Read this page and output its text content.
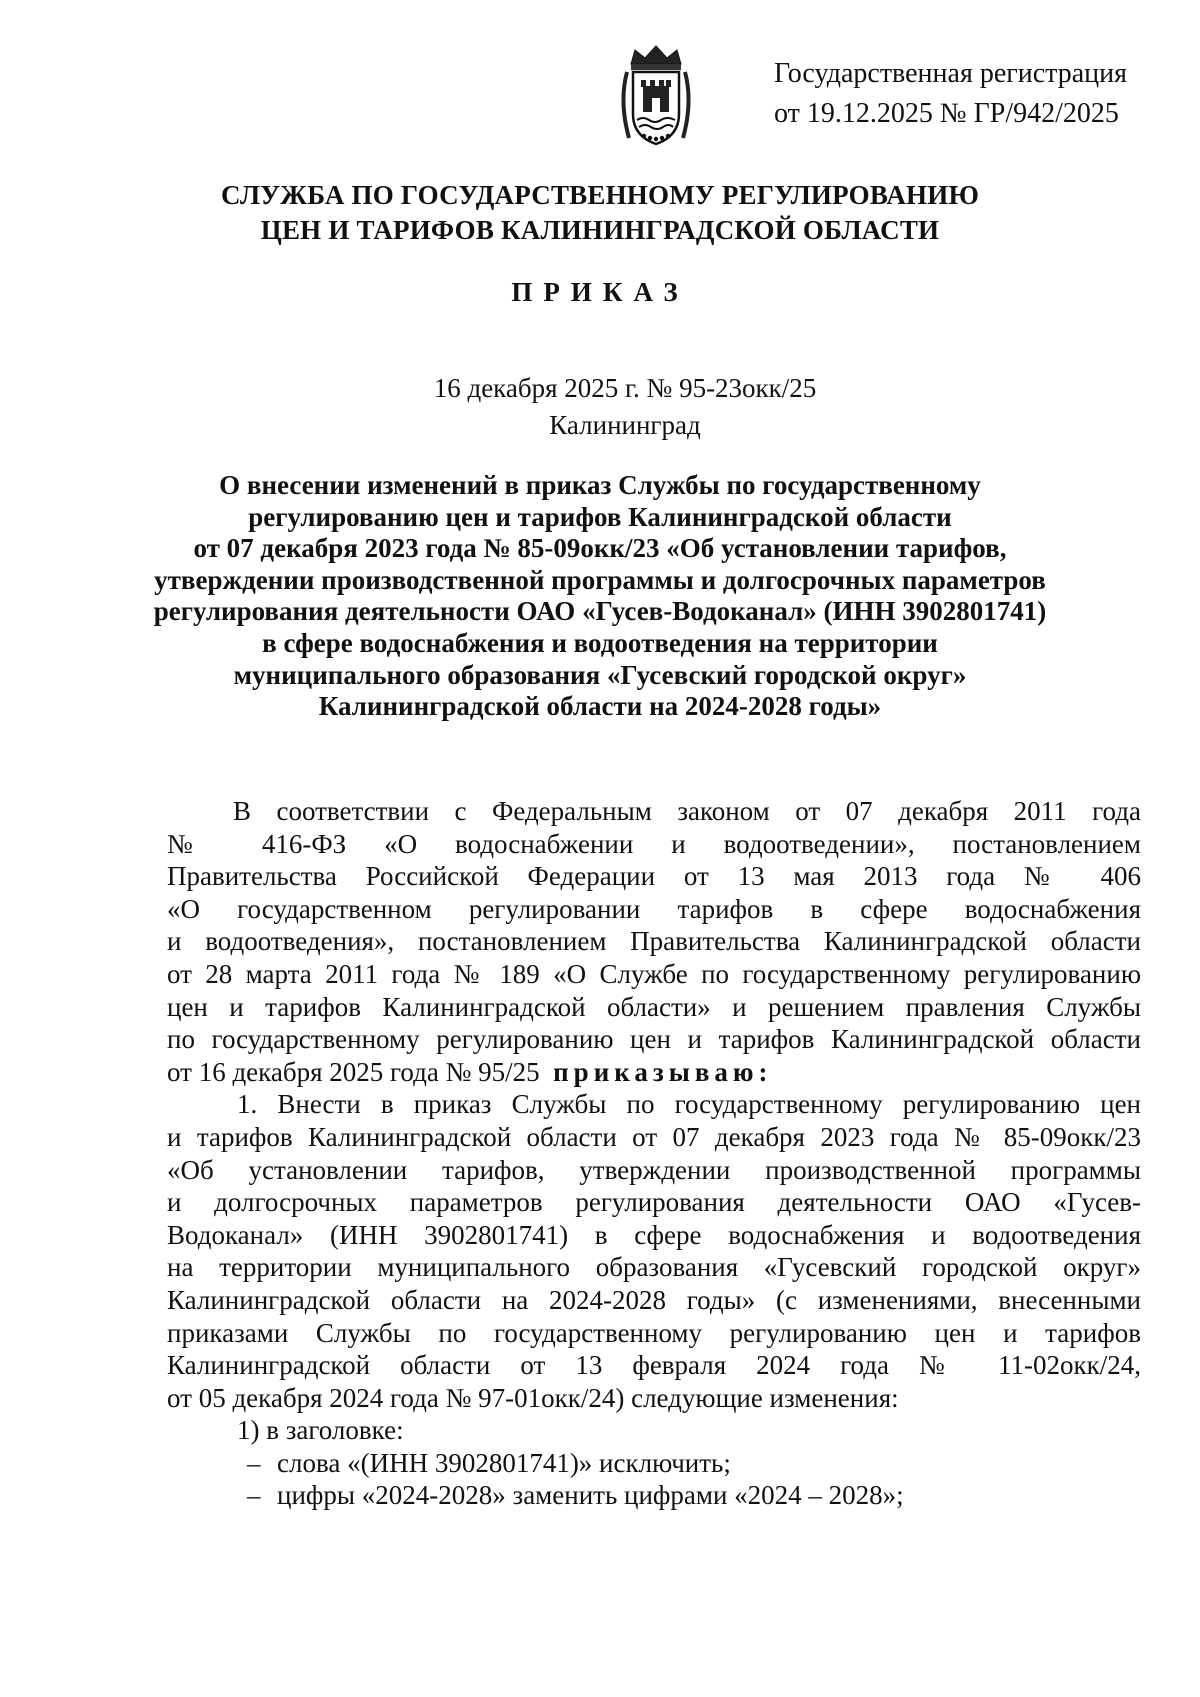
Государственная регистрация
от 19.12.2025 № ГР/942/2025
СЛУЖБА ПО ГОСУДАРСТВЕННОМУ РЕГУЛИРОВАНИЮ
ЦЕН И ТАРИФОВ КАЛИНИНГРАДСКОЙ ОБЛАСТИ
ПРИКАЗ
16 декабря 2025 г. № 95-23окк/25
Калининград
О внесении изменений в приказ Службы по государственному
регулированию цен и тарифов Калининградской области
от 07 декабря 2023 года № 85-09окк/23 «Об установлении тарифов,
утверждении производственной программы и долгосрочных параметров
регулирования деятельности ОАО «Гусев-Водоканал» (ИНН 3902801741)
в сфере водоснабжения и водоотведения на территории
муниципального образования «Гусевский городской округ»
Калининградской области на 2024-2028 годы»
В соответствии с Федеральным законом от 07 декабря 2011 года
№ 416-ФЗ «О водоснабжении и водоотведении», постановлением
Правительства Российской Федерации от 13 мая 2013 года № 406
«О государственном регулировании тарифов в сфере водоснабжения
и водоотведения», постановлением Правительства Калининградской области
от 28 марта 2011 года № 189 «О Службе по государственному регулированию
цен и тарифов Калининградской области» и решением правления Службы
по государственному регулированию цен и тарифов Калининградской области
от 16 декабря 2025 года № 95/25 приказываю:
1. Внести в приказ Службы по государственному регулированию цен
и тарифов Калининградской области от 07 декабря 2023 года № 85-09окк/23
«Об установлении тарифов, утверждении производственной программы
и долгосрочных параметров регулирования деятельности ОАО «Гусев-
Водоканал» (ИНН 3902801741) в сфере водоснабжения и водоотведения
на территории муниципального образования «Гусевский городской округ»
Калининградской области на 2024-2028 годы» (с изменениями, внесенными
приказами Службы по государственному регулированию цен и тарифов
Калининградской области от 13 февраля 2024 года № 11-02окк/24,
от 05 декабря 2024 года № 97-01окк/24) следующие изменения:
1) в заголовке:
– слова «(ИНН 3902801741)» исключить;
– цифры «2024-2028» заменить цифрами «2024 – 2028»;
